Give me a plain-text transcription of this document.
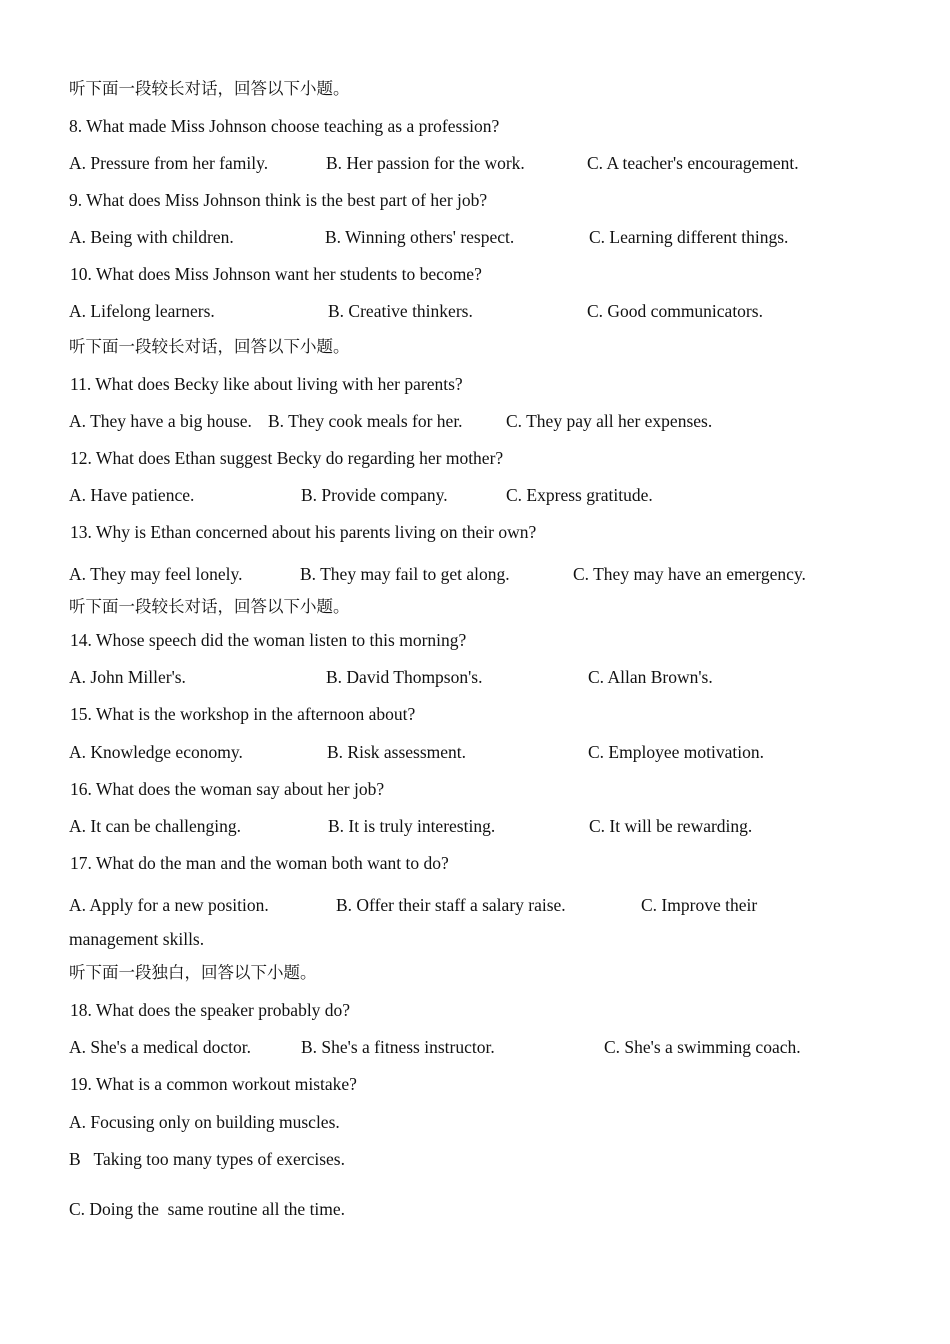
听下面一段较长对话，回答以下小题。
8. What made Miss Johnson choose teaching as a profession?
A. Pressure from her family.	B. Her passion for the work.	C. A teacher's encouragement.
9. What does Miss Johnson think is the best part of her job?
A. Being with children.	B. Winning others' respect.	C. Learning different things.
10. What does Miss Johnson want her students to become?
A. Lifelong learners.	B. Creative thinkers.	C. Good communicators.
听下面一段较长对话，回答以下小题。
11. What does Becky like about living with her parents?
A. They have a big house. B. They cook meals for her. C. They pay all her expenses.
12. What does Ethan suggest Becky do regarding her mother?
A. Have patience.	B. Provide company.	C. Express gratitude.
13. Why is Ethan concerned about his parents living on their own?
A. They may feel lonely.	B. They may fail to get along.	C. They may have an emergency.
听下面一段较长对话，回答以下小题。
14. Whose speech did the woman listen to this morning?
A. John Miller's.	B. David Thompson's.	C. Allan Brown's.
15. What is the workshop in the afternoon about?
A. Knowledge economy.	B. Risk assessment.	C. Employee motivation.
16. What does the woman say about her job?
A. It can be challenging.	B. It is truly interesting.	C. It will be rewarding.
17. What do the man and the woman both want to do?
A. Apply for a new position.	B. Offer their staff a salary raise.	C. Improve their
management skills.
听下面一段独白，回答以下小题。
18. What does the speaker probably do?
A. She's a medical doctor.	B. She's a fitness instructor.	C. She's a swimming coach.
19. What is a common workout mistake?
A. Focusing only on building muscles.
B   Taking too many types of exercises.
C. Doing the  same routine all the time.
